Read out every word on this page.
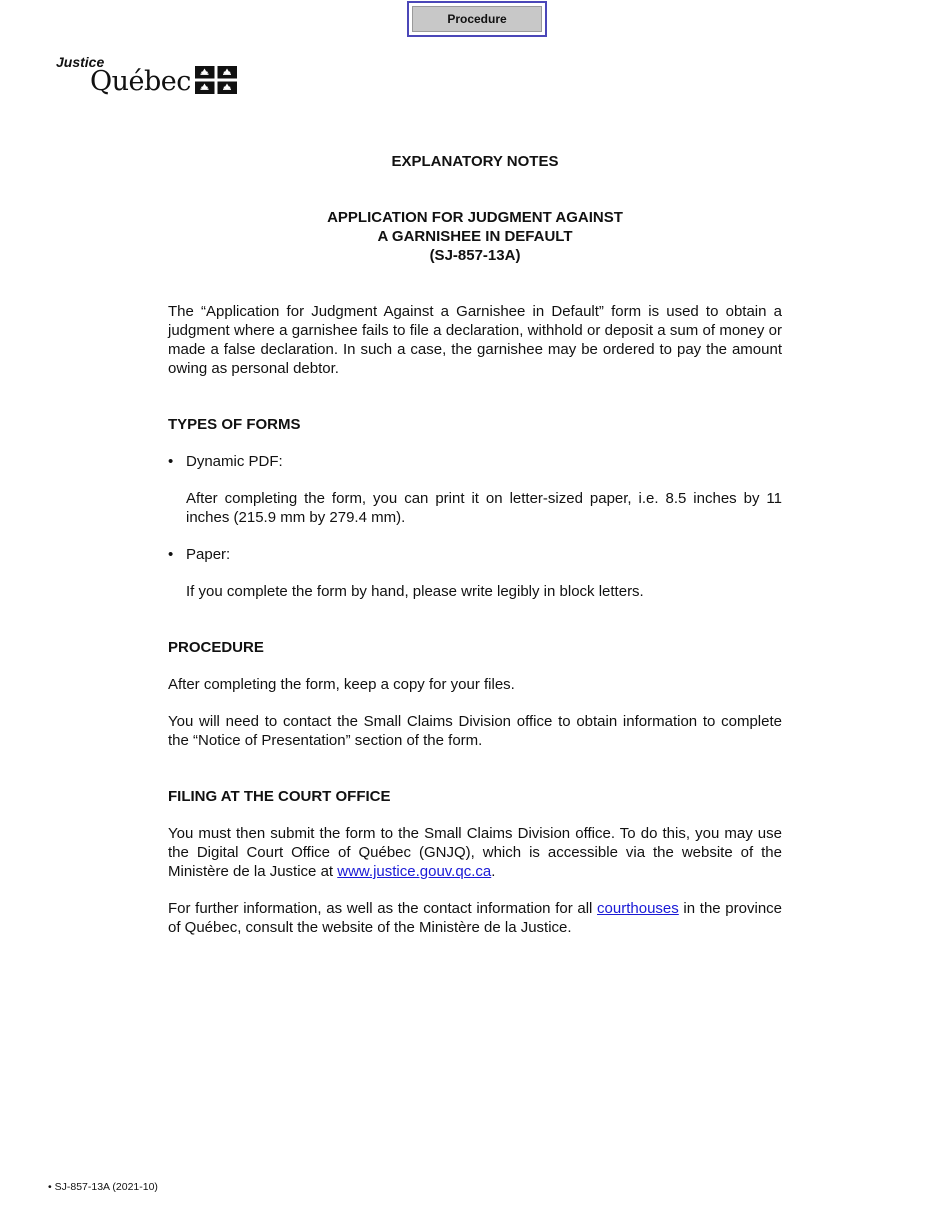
Procedure
Justice
Québec
EXPLANATORY NOTES
APPLICATION FOR JUDGMENT AGAINST
A GARNISHEE IN DEFAULT
(SJ-857-13A)

The “Application for Judgment Against a Garnishee in Default” form is used to obtain a judgment where a garnishee fails to file a declaration, withhold or deposit a sum of money or made a false declaration. In such a case, the garnishee may be ordered to pay the amount owing as personal debtor.

TYPES OF FORMS
• Dynamic PDF:

After completing the form, you can print it on letter-sized paper, i.e. 8.5 inches by 11 inches (215.9 mm by 279.4 mm).

• Paper:

If you complete the form by hand, please write legibly in block letters.

PROCEDURE

After completing the form, keep a copy for your files.

You will need to contact the Small Claims Division office to obtain information to complete the “Notice of Presentation” section of the form.

FILING AT THE COURT OFFICE

You must then submit the form to the Small Claims Division office. To do this, you may use the Digital Court Office of Québec (GNJQ), which is accessible via the website of the Ministère de la Justice at www.justice.gouv.qc.ca.

For further information, as well as the contact information for all courthouses in the province of Québec, consult the website of the Ministère de la Justice.

• SJ-857-13A (2021-10)
